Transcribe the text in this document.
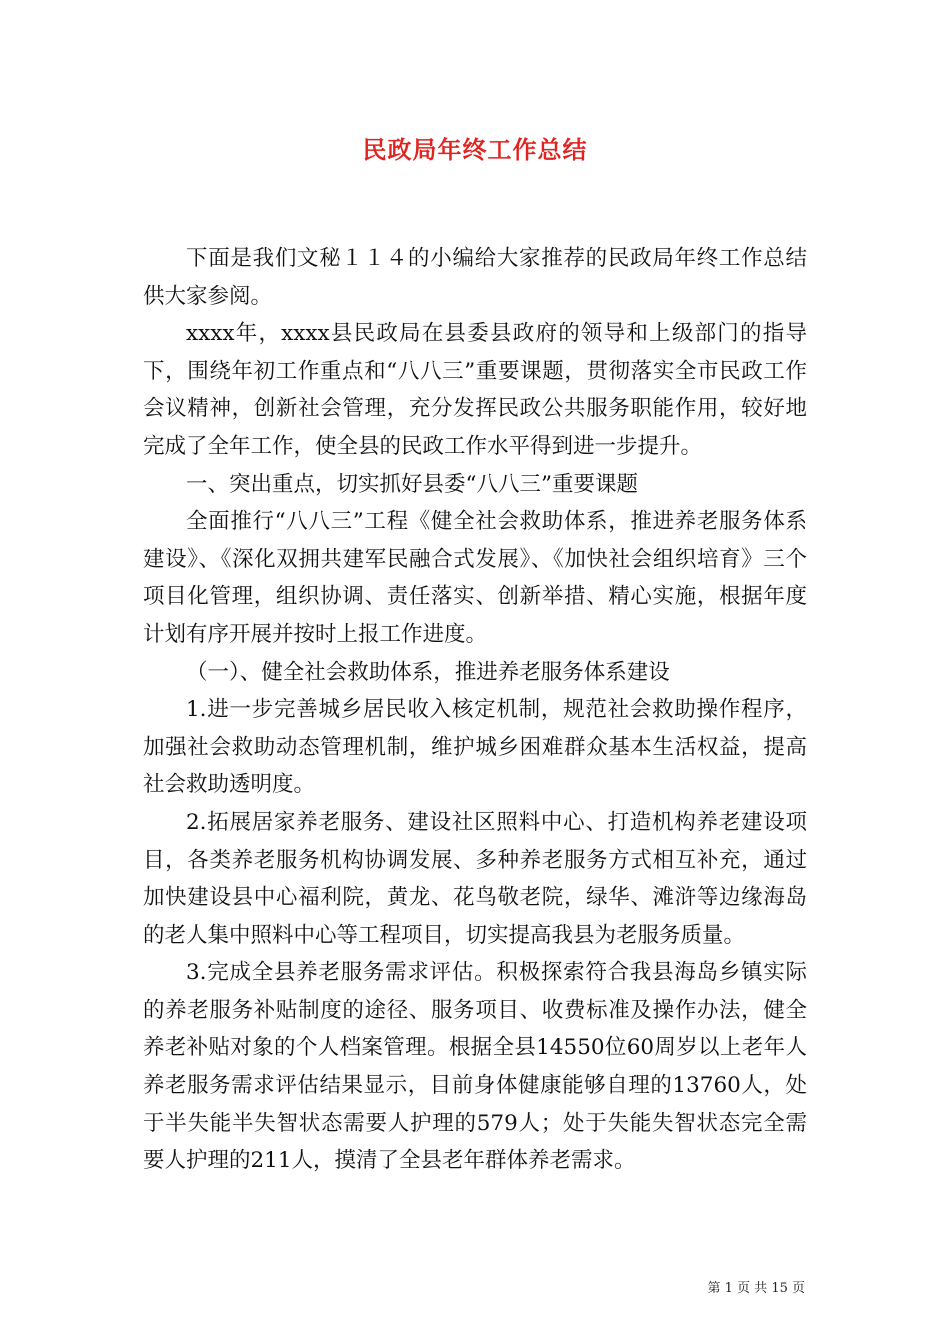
民政局年终工作总结

下面是我们文秘１１４的小编给大家推荐的民政局年终工作总结供大家参阅。

xxxx年，xxxx县民政局在县委县政府的领导和上级部门的指导下，围绕年初工作重点和“八八三”重要课题，贯彻落实全市民政工作会议精神，创新社会管理，充分发挥民政公共服务职能作用，较好地完成了全年工作，使全县的民政工作水平得到进一步提升。

一、突出重点，切实抓好县委“八八三”重要课题

全面推行“八八三”工程《健全社会救助体系，推进养老服务体系建设》、《深化双拥共建军民融合式发展》、《加快社会组织培育》三个项目化管理，组织协调、责任落实、创新举措、精心实施，根据年度计划有序开展并按时上报工作进度。

（一）、健全社会救助体系，推进养老服务体系建设

1.进一步完善城乡居民收入核定机制，规范社会救助操作程序，加强社会救助动态管理机制，维护城乡困难群众基本生活权益，提高社会救助透明度。

2.拓展居家养老服务、建设社区照料中心、打造机构养老建设项目，各类养老服务机构协调发展、多种养老服务方式相互补充，通过加快建设县中心福利院，黄龙、花鸟敬老院，绿华、滩浒等边缘海岛的老人集中照料中心等工程项目，切实提高我县为老服务质量。

3.完成全县养老服务需求评估。积极探索符合我县海岛乡镇实际的养老服务补贴制度的途径、服务项目、收费标准及操作办法，健全养老补贴对象的个人档案管理。根据全县14550位60周岁以上老年人养老服务需求评估结果显示，目前身体健康能够自理的13760人，处于半失能半失智状态需要人护理的579人；处于失能失智状态完全需要人护理的211人，摸清了全县老年群体养老需求。

第 1 页 共 15 页
